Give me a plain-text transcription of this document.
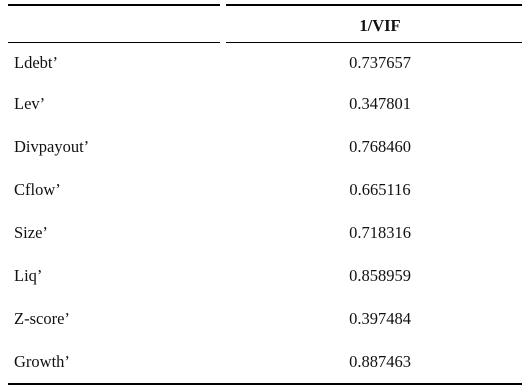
1/VIF
Ldebt’	0.737657
Lev’	0.347801
Divpayout’	0.768460
Cflow’	0.665116
Size’	0.718316
Liq’	0.858959
Z-score’	0.397484
Growth’	0.887463
